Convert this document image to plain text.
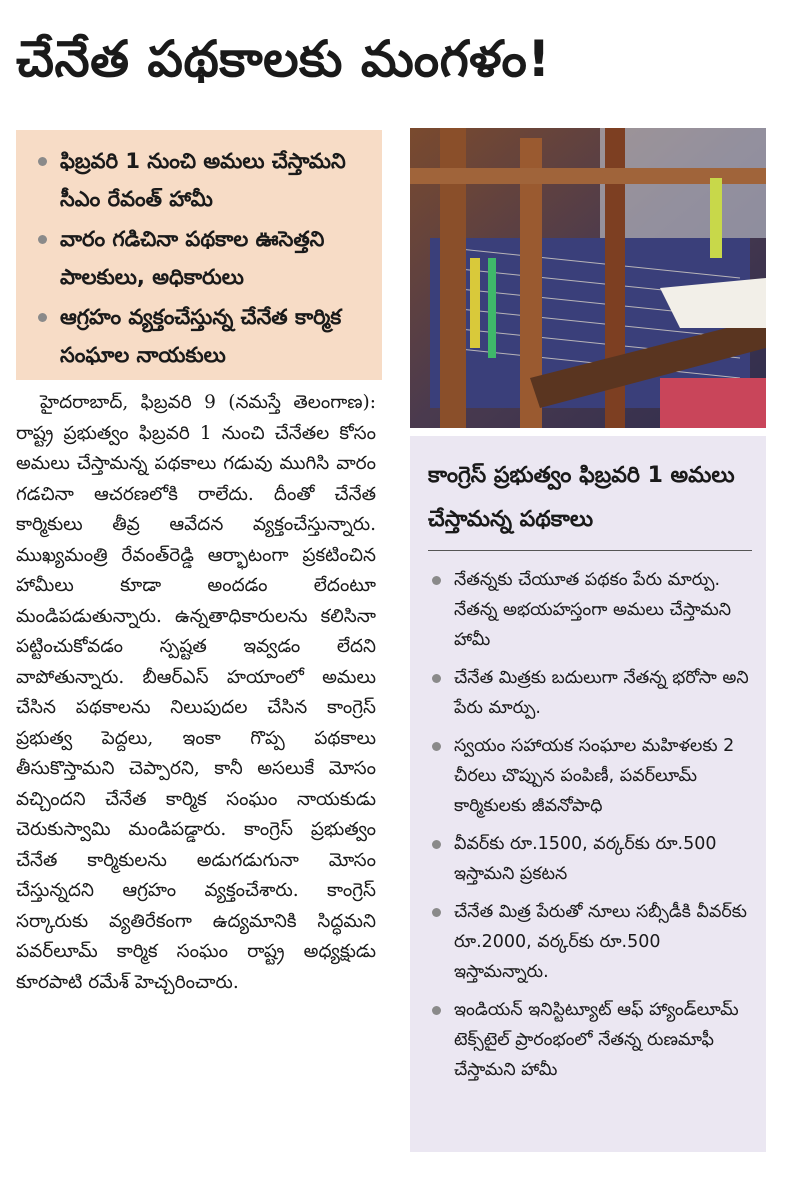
చేనేత పథకాలకు మంగళం!
ఫిబ్రవరి 1 నుంచి అమలు చేస్తామని సీఎం రేవంత్ హామీ
వారం గడిచినా పథకాల ఊసెత్తని పాలకులు, అధికారులు
ఆగ్రహం వ్యక్తంచేస్తున్న చేనేత కార్మిక సంఘాల నాయకులు
హైదరాబాద్, ఫిబ్రవరి 9 (నమస్తే తెలంగాణ): రాష్ట్ర ప్రభుత్వం ఫిబ్రవరి 1 నుంచి చేనేతల కోసం అమలు చేస్తామన్న పథకాలు గడువు ముగిసి వారం గడచినా ఆచరణలోకి రాలేదు. దీంతో చేనేత కార్మికులు తీవ్ర ఆవేదన వ్యక్తంచేస్తున్నారు. ముఖ్యమంత్రి రేవంత్‌రెడ్డి ఆర్భాటంగా ప్రకటించిన హామీలు కూడా అందడం లేదంటూ మండిపడుతున్నారు. ఉన్నతాధికారులను కలిసినా పట్టించుకోవడం స్పష్టత ఇవ్వడం లేదని వాపోతున్నారు. బీఆర్‌ఎస్ హయాంలో అమలు చేసిన పథకాలను నిలుపుదల చేసిన కాంగ్రెస్ ప్రభుత్వ పెద్దలు, ఇంకా గొప్ప పథకాలు తీసుకొస్తామని చెప్పారని, కానీ అసలుకే మోసం వచ్చిందని చేనేత కార్మిక సంఘం నాయకుడు చెరుకుస్వామి మండిపడ్డారు. కాంగ్రెస్ ప్రభుత్వం చేనేత కార్మికులను అడుగడుగునా మోసం చేస్తున్నదని ఆగ్రహం వ్యక్తంచేశారు. కాంగ్రెస్ సర్కారుకు వ్యతిరేకంగా ఉద్యమానికి సిద్ధమని పవర్‌లూమ్ కార్మిక సంఘం రాష్ట్ర అధ్యక్షుడు కూరపాటి రమేశ్ హెచ్చరించారు.

కాంగ్రెస్ ప్రభుత్వం ఫిబ్రవరి 1 అమలు చేస్తామన్న పథకాలు

నేతన్నకు చేయూత పథకం పేరు మార్పు. నేతన్న అభయహస్తంగా అమలు చేస్తామని హామీ
చేనేత మిత్రకు బదులుగా నేతన్న భరోసా అని పేరు మార్పు.
స్వయం సహాయక సంఘాల మహిళలకు 2 చీరలు చొప్పున పంపిణీ, పవర్‌లూమ్ కార్మికులకు జీవనోపాధి
వీవర్‌కు రూ.1500, వర్కర్‌కు రూ.500 ఇస్తామని ప్రకటన
చేనేత మిత్ర పేరుతో నూలు సబ్సీడీకి వీవర్‌కు రూ.2000, వర్కర్‌కు రూ.500 ఇస్తామన్నారు.
ఇండియన్ ఇనిస్టిట్యూట్ ఆఫ్ హ్యాండ్‌లూమ్ టెక్స్‌టైల్ ప్రారంభంలో నేతన్న రుణమాఫీ చేస్తామని హామీ
